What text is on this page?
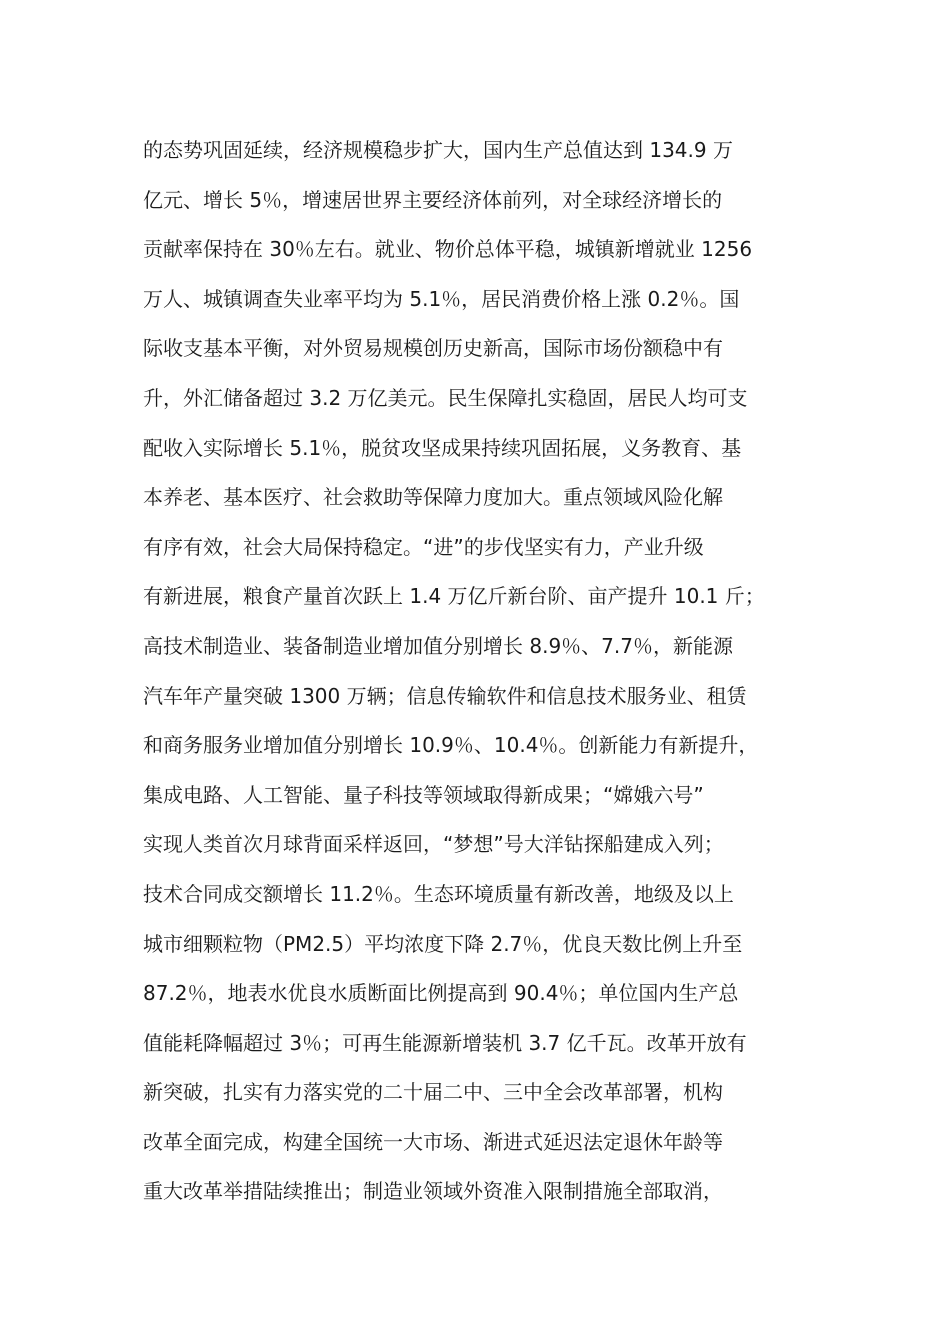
的态势巩固延续，经济规模稳步扩大，国内生产总值达到 134.9 万
亿元、增长 5％，增速居世界主要经济体前列，对全球经济增长的
贡献率保持在 30％左右。就业、物价总体平稳，城镇新增就业 1256
万人、城镇调查失业率平均为 5.1％，居民消费价格上涨 0.2％。国
际收支基本平衡，对外贸易规模创历史新高，国际市场份额稳中有
升，外汇储备超过 3.2 万亿美元。民生保障扎实稳固，居民人均可支
配收入实际增长 5.1％，脱贫攻坚成果持续巩固拓展，义务教育、基
本养老、基本医疗、社会救助等保障力度加大。重点领域风险化解
有序有效，社会大局保持稳定。“进”的步伐坚实有力，产业升级
有新进展，粮食产量首次跃上 1.4 万亿斤新台阶、亩产提升 10.1 斤；
高技术制造业、装备制造业增加值分别增长 8.9％、7.7％，新能源
汽车年产量突破 1300 万辆；信息传输软件和信息技术服务业、租赁
和商务服务业增加值分别增长 10.9％、10.4％。创新能力有新提升，
集成电路、人工智能、量子科技等领域取得新成果；“嫦娥六号”
实现人类首次月球背面采样返回，“梦想”号大洋钻探船建成入列；
技术合同成交额增长 11.2％。生态环境质量有新改善，地级及以上
城市细颗粒物（PM2.5）平均浓度下降 2.7％，优良天数比例上升至
87.2％，地表水优良水质断面比例提高到 90.4％；单位国内生产总
值能耗降幅超过 3％；可再生能源新增装机 3.7 亿千瓦。改革开放有
新突破，扎实有力落实党的二十届二中、三中全会改革部署，机构
改革全面完成，构建全国统一大市场、渐进式延迟法定退休年龄等
重大改革举措陆续推出；制造业领域外资准入限制措施全部取消，
